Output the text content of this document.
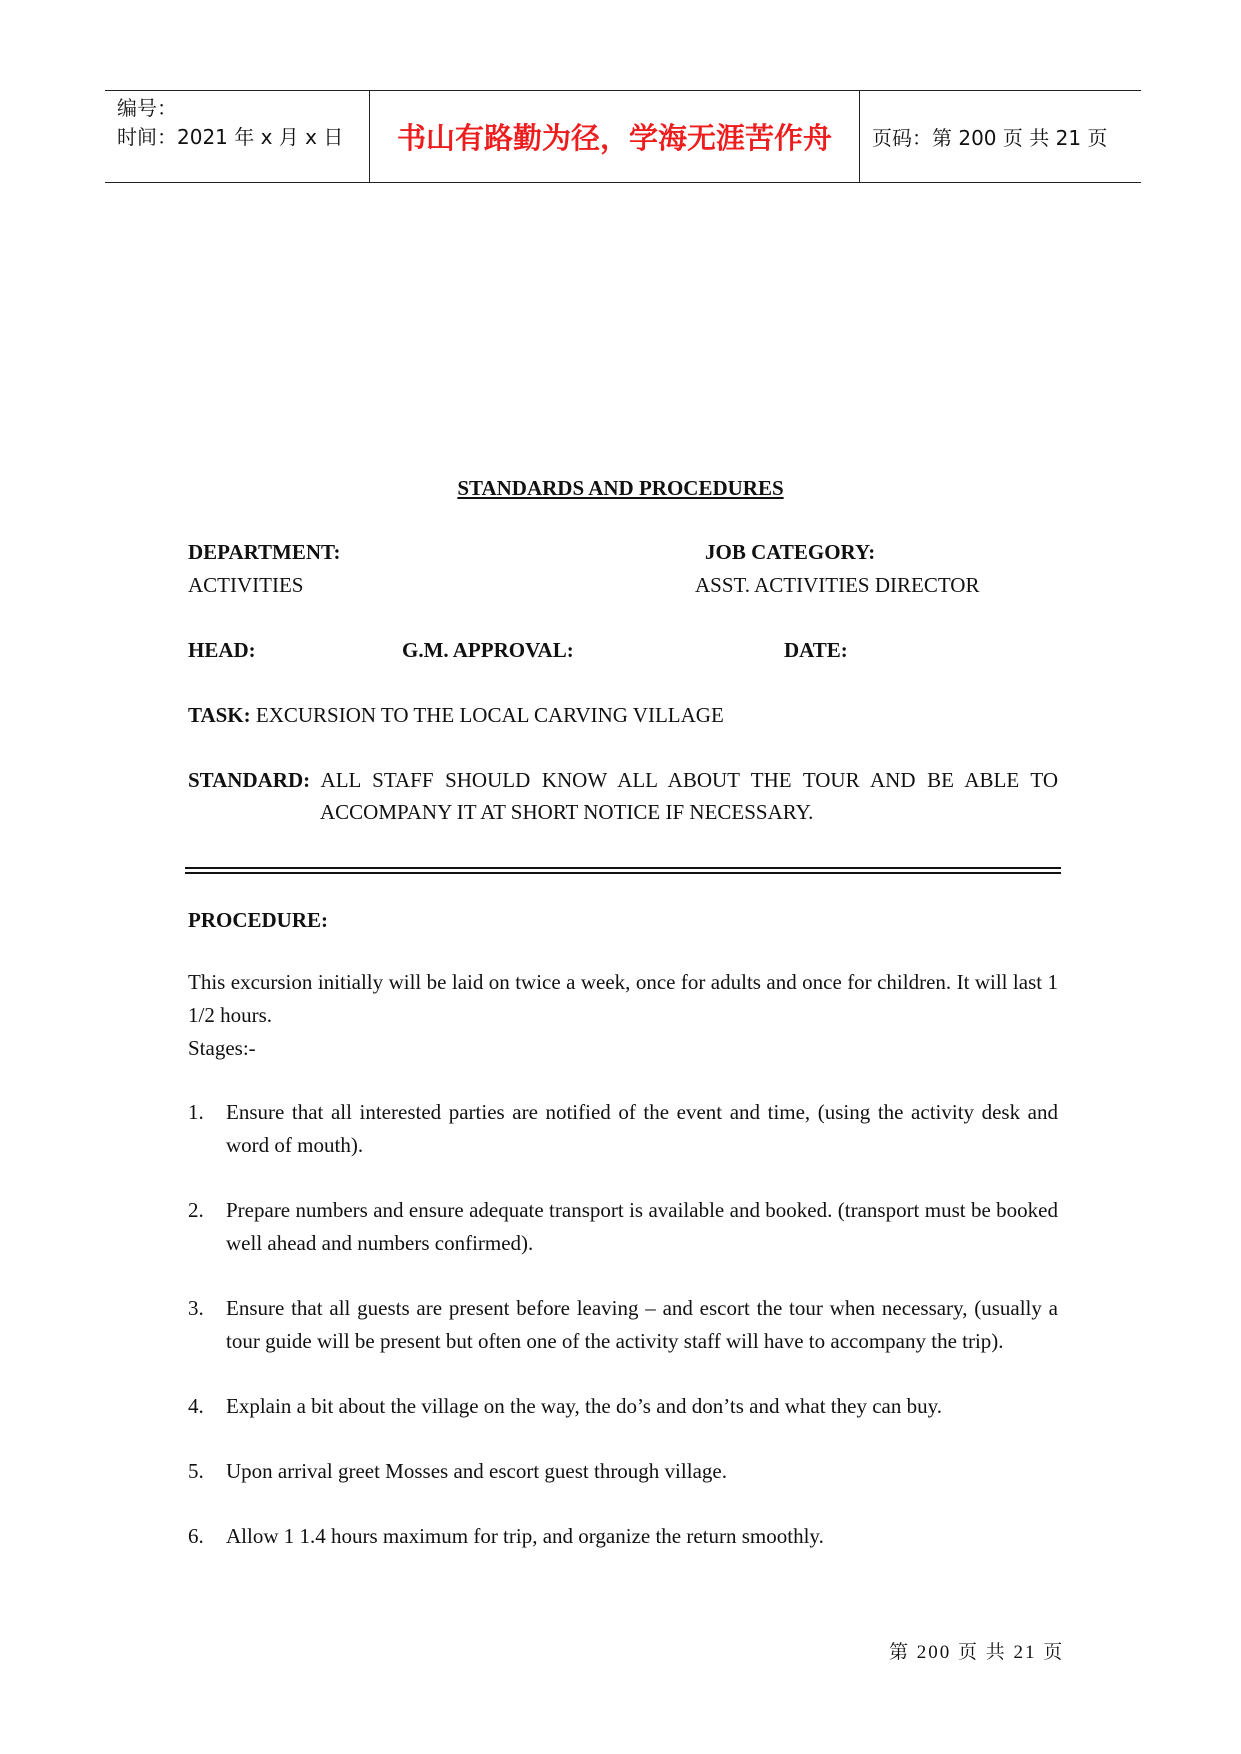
编号：
时间：2021 年 x 月 x 日	书山有路勤为径，学海无涯苦作舟	页码：第 200 页 共 21 页
STANDARDS AND PROCEDURES
DEPARTMENT:
ACTIVITIES
JOB CATEGORY:
ASST. ACTIVITIES DIRECTOR
HEAD:	G.M. APPROVAL:	DATE:
TASK: EXCURSION TO THE LOCAL CARVING VILLAGE
STANDARD: ALL STAFF SHOULD KNOW ALL ABOUT THE TOUR AND BE ABLE TO
ACCOMPANY IT AT SHORT NOTICE IF NECESSARY.
PROCEDURE:
This excursion initially will be laid on twice a week, once for adults and once for children. It will last 1 1/2 hours.
Stages:-
1. Ensure that all interested parties are notified of the event and time, (using the activity desk and word of mouth).
2. Prepare numbers and ensure adequate transport is available and booked. (transport must be booked well ahead and numbers confirmed).
3. Ensure that all guests are present before leaving – and escort the tour when necessary, (usually a tour guide will be present but often one of the activity staff will have to accompany the trip).
4. Explain a bit about the village on the way, the do’s and don’ts and what they can buy.
5. Upon arrival greet Mosses and escort guest through village.
6. Allow 1 1.4 hours maximum for trip, and organize the return smoothly.
第 200 页 共 21 页
